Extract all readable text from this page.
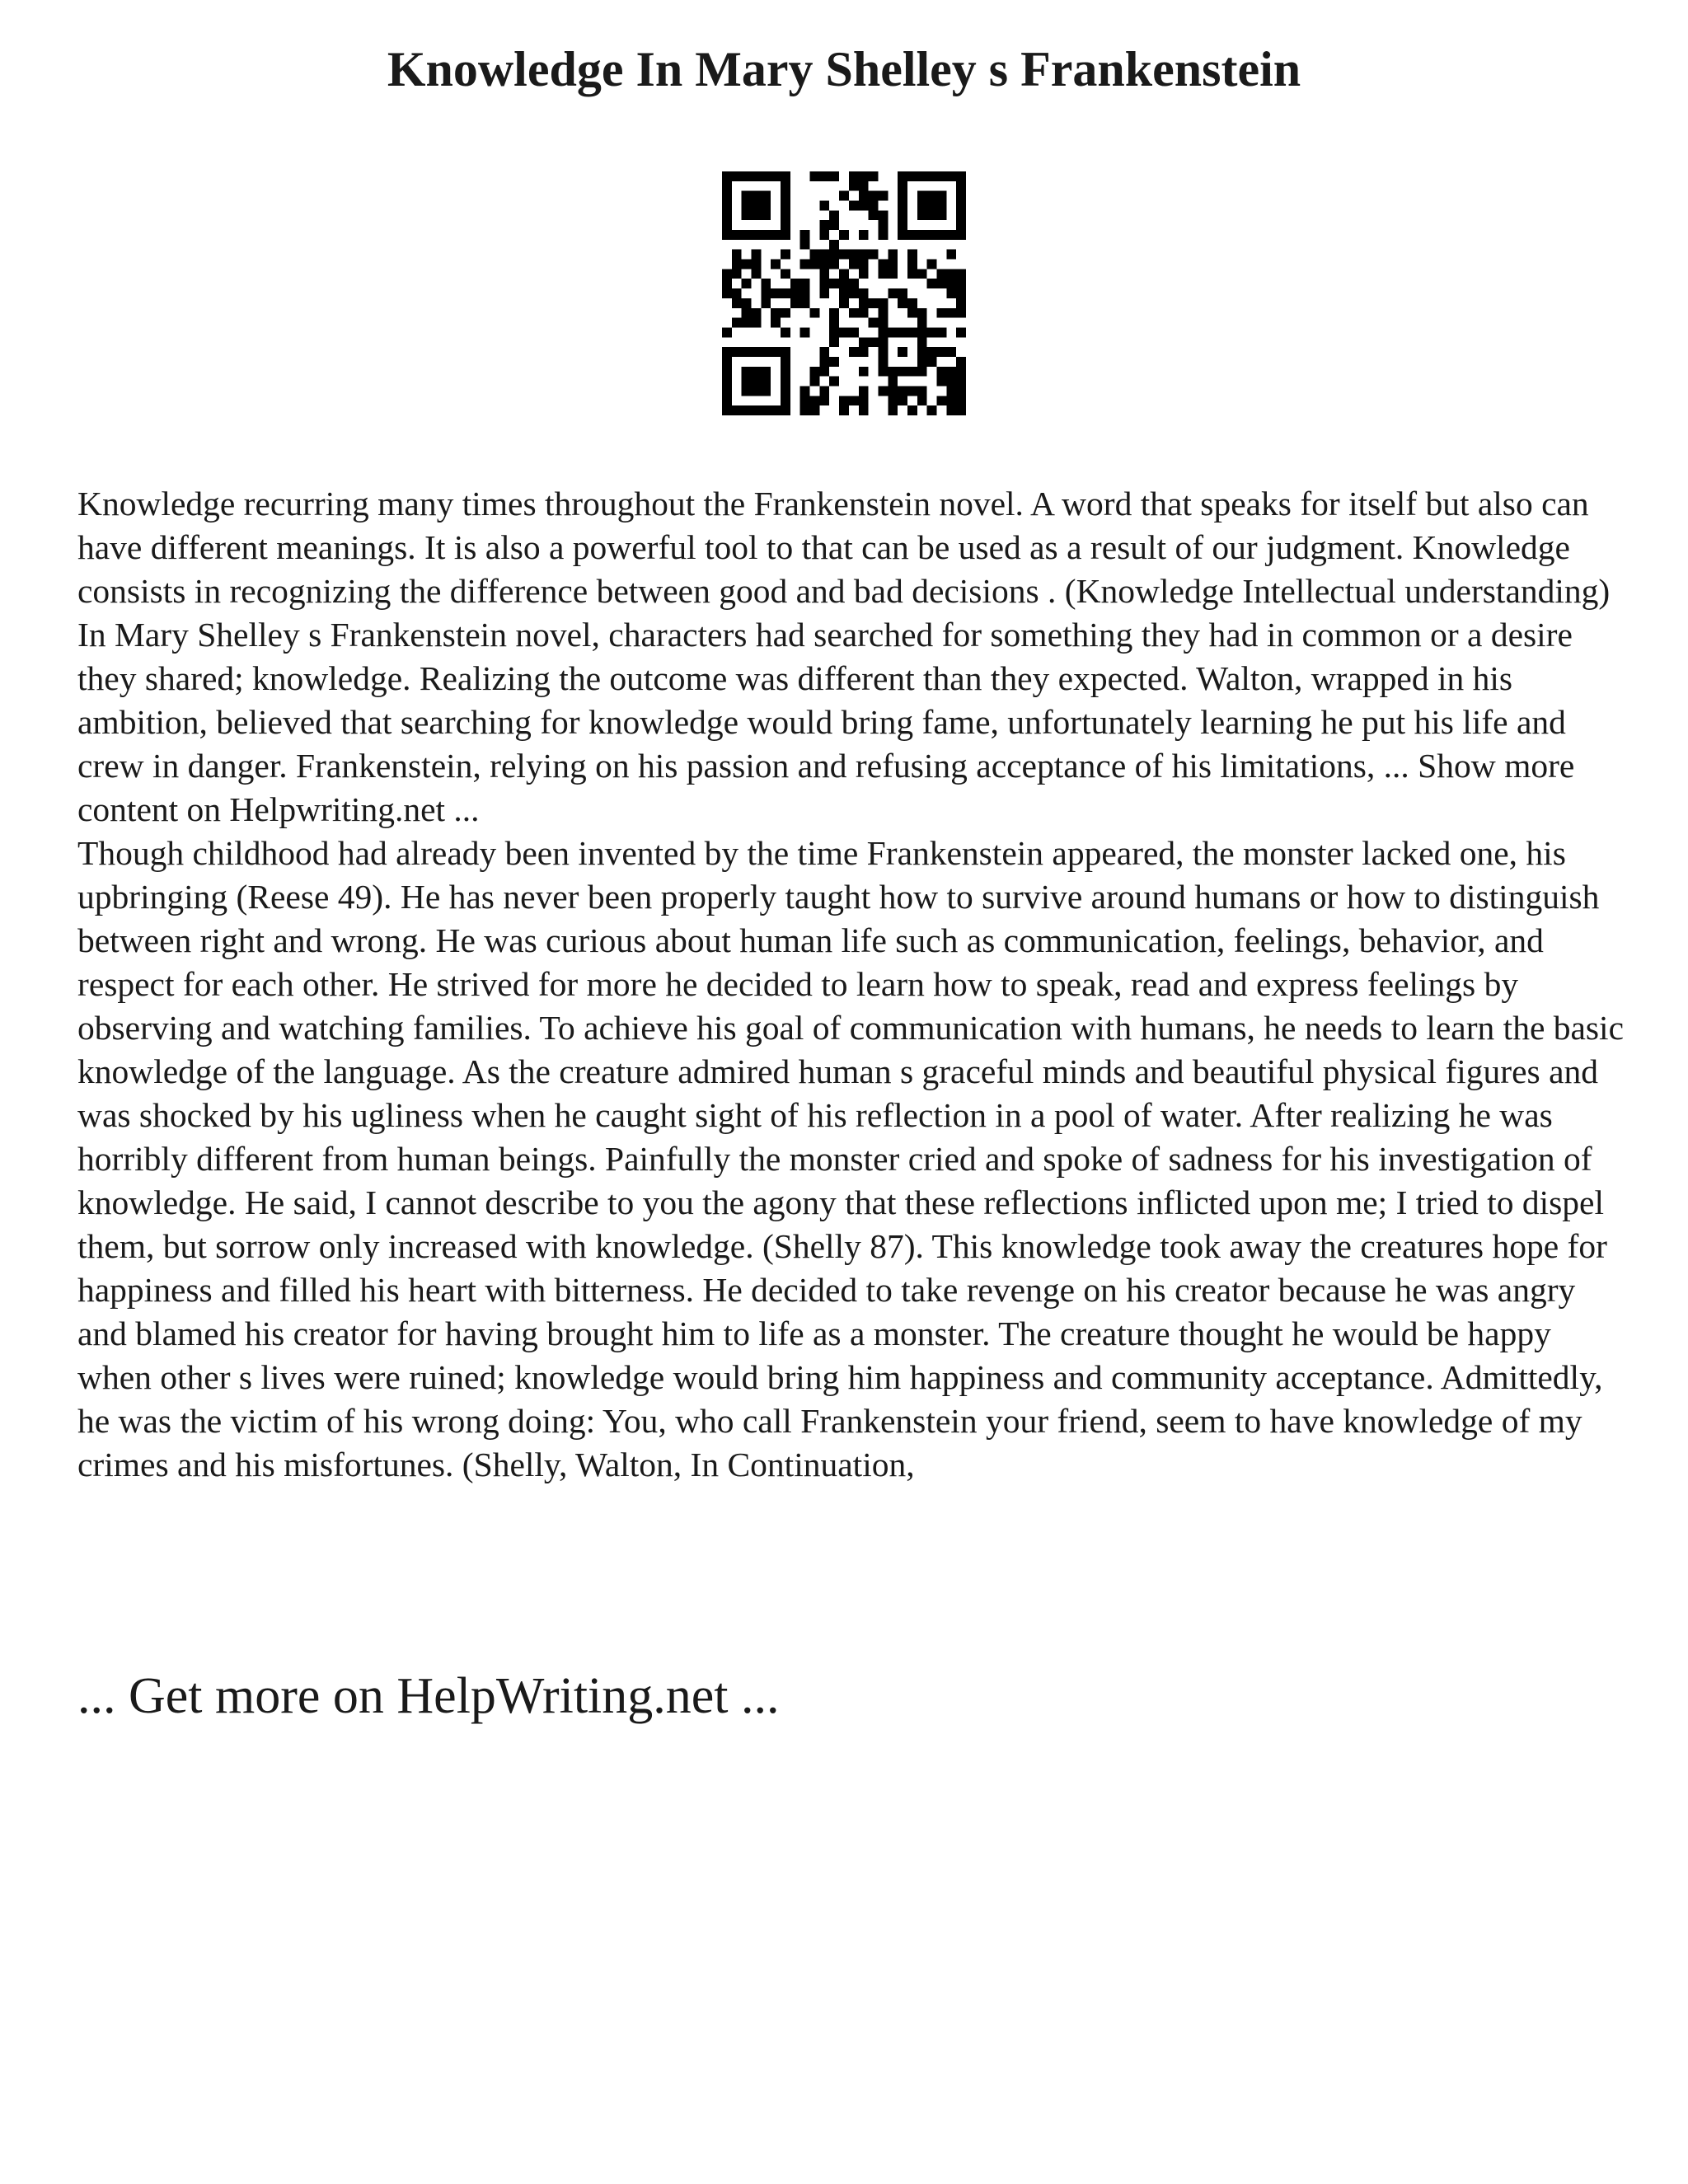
Knowledge In Mary Shelley s Frankenstein

Knowledge recurring many times throughout the Frankenstein novel. A word that speaks for itself but also can have different meanings. It is also a powerful tool to that can be used as a result of our judgment. Knowledge consists in recognizing the difference between good and bad decisions . (Knowledge Intellectual understanding)

In Mary Shelley s Frankenstein novel, characters had searched for something they had in common or a desire they shared; knowledge. Realizing the outcome was different than they expected. Walton, wrapped in his ambition, believed that searching for knowledge would bring fame, unfortunately learning he put his life and crew in danger. Frankenstein, relying on his passion and refusing acceptance of his limitations, ... Show more content on Helpwriting.net ...

Though childhood had already been invented by the time Frankenstein appeared, the monster lacked one, his upbringing (Reese 49). He has never been properly taught how to survive around humans or how to distinguish between right and wrong. He was curious about human life such as communication, feelings, behavior, and respect for each other. He strived for more he decided to learn how to speak, read and express feelings by observing and watching families. To achieve his goal of communication with humans, he needs to learn the basic knowledge of the language. As the creature admired human s graceful minds and beautiful physical figures and was shocked by his ugliness when he caught sight of his reflection in a pool of water. After realizing he was horribly different from human beings. Painfully the monster cried and spoke of sadness for his investigation of knowledge. He said, I cannot describe to you the agony that these reflections inflicted upon me; I tried to dispel them, but sorrow only increased with knowledge. (Shelly 87). This knowledge took away the creatures hope for happiness and filled his heart with bitterness. He decided to take revenge on his creator because he was angry and blamed his creator for having brought him to life as a monster. The creature thought he would be happy when other s lives were ruined; knowledge would bring him happiness and community acceptance. Admittedly, he was the victim of his wrong doing: You, who call Frankenstein your friend, seem to have knowledge of my crimes and his misfortunes. (Shelly, Walton, In Continuation,

... Get more on HelpWriting.net ...
